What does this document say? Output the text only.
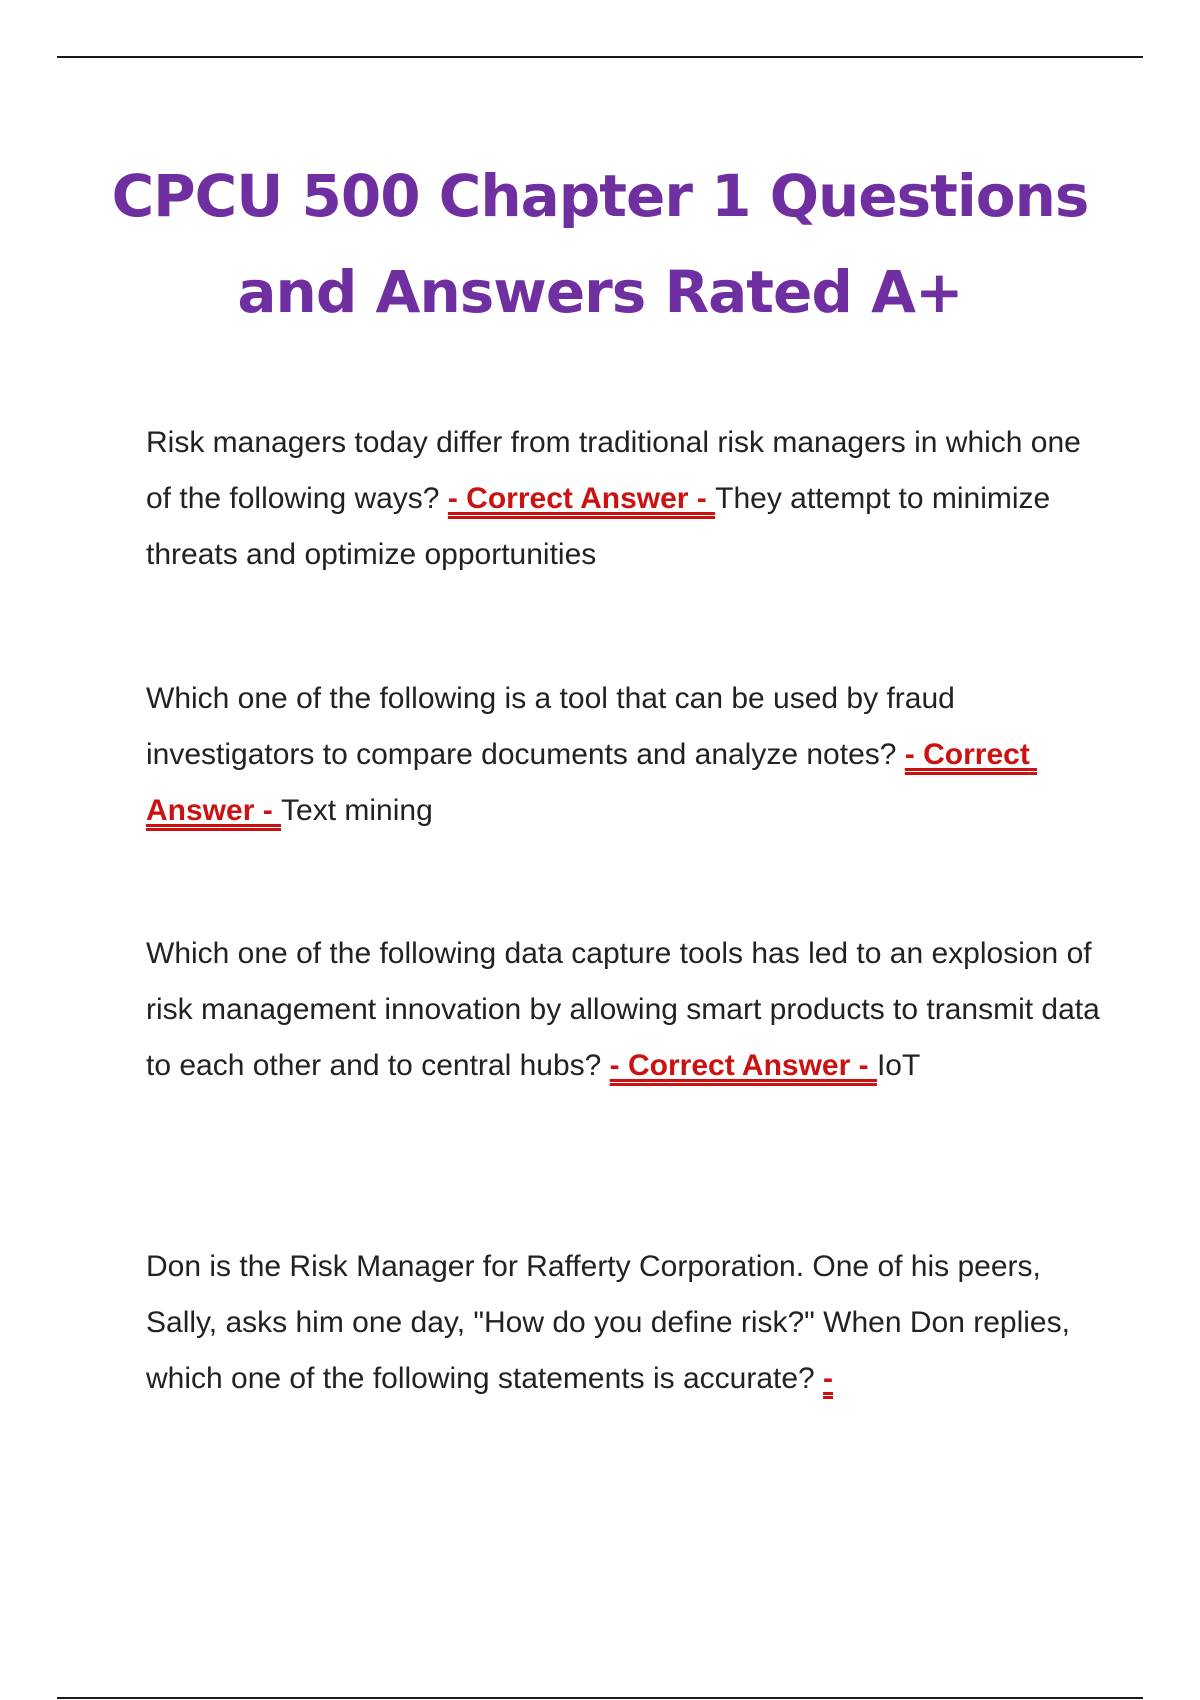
CPCU 500 Chapter 1 Questions and Answers Rated A+

Risk managers today differ from traditional risk managers in which one of the following ways? - Correct Answer - They attempt to minimize threats and optimize opportunities

Which one of the following is a tool that can be used by fraud investigators to compare documents and analyze notes? - Correct Answer - Text mining

Which one of the following data capture tools has led to an explosion of risk management innovation by allowing smart products to transmit data to each other and to central hubs? - Correct Answer - IoT

Don is the Risk Manager for Rafferty Corporation. One of his peers, Sally, asks him one day, "How do you define risk?" When Don replies, which one of the following statements is accurate? -
